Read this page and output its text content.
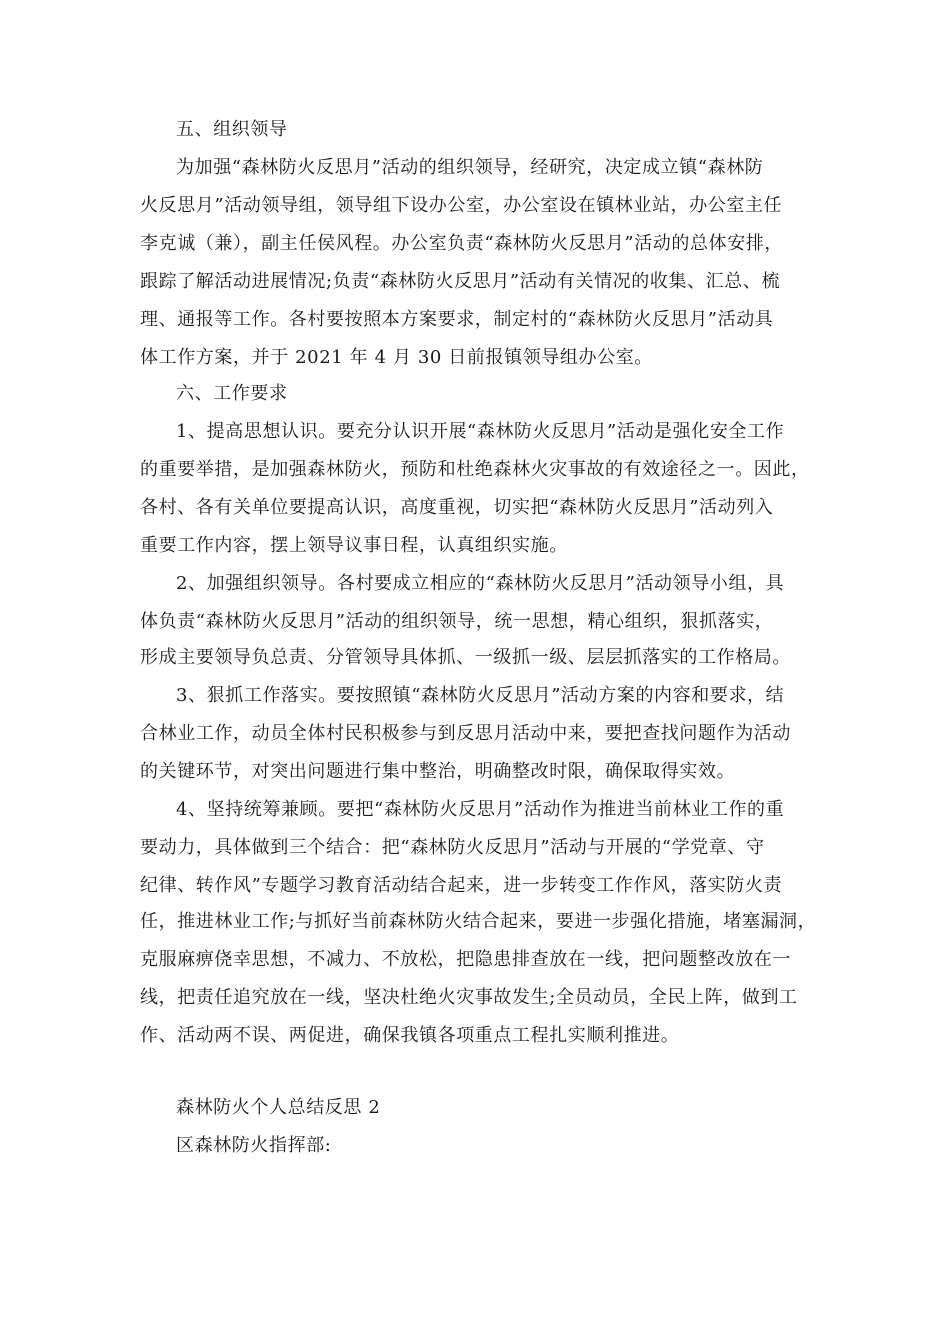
五、组织领导
为加强“森林防火反思月”活动的组织领导，经研究，决定成立镇“森林防
火反思月”活动领导组，领导组下设办公室，办公室设在镇林业站，办公室主任
李克诚（兼），副主任侯风程。办公室负责“森林防火反思月”活动的总体安排，
跟踪了解活动进展情况;负责“森林防火反思月”活动有关情况的收集、汇总、梳
理、通报等工作。各村要按照本方案要求，制定村的“森林防火反思月”活动具
体工作方案，并于 2021 年 4 月 30 日前报镇领导组办公室。
六、工作要求
1、提高思想认识。要充分认识开展“森林防火反思月”活动是强化安全工作
的重要举措，是加强森林防火，预防和杜绝森林火灾事故的有效途径之一。因此，
各村、各有关单位要提高认识，高度重视，切实把“森林防火反思月”活动列入
重要工作内容，摆上领导议事日程，认真组织实施。
2、加强组织领导。各村要成立相应的“森林防火反思月”活动领导小组，具
体负责“森林防火反思月”活动的组织领导，统一思想，精心组织，狠抓落实，
形成主要领导负总责、分管领导具体抓、一级抓一级、层层抓落实的工作格局。
3、狠抓工作落实。要按照镇“森林防火反思月”活动方案的内容和要求，结
合林业工作，动员全体村民积极参与到反思月活动中来，要把查找问题作为活动
的关键环节，对突出问题进行集中整治，明确整改时限，确保取得实效。
4、坚持统筹兼顾。要把“森林防火反思月”活动作为推进当前林业工作的重
要动力，具体做到三个结合：把“森林防火反思月”活动与开展的“学党章、守
纪律、转作风”专题学习教育活动结合起来，进一步转变工作作风，落实防火责
任，推进林业工作;与抓好当前森林防火结合起来，要进一步强化措施，堵塞漏洞，
克服麻痹侥幸思想，不减力、不放松，把隐患排查放在一线，把问题整改放在一
线，把责任追究放在一线，坚决杜绝火灾事故发生;全员动员，全民上阵，做到工
作、活动两不误、两促进，确保我镇各项重点工程扎实顺利推进。
森林防火个人总结反思 2
区森林防火指挥部:
